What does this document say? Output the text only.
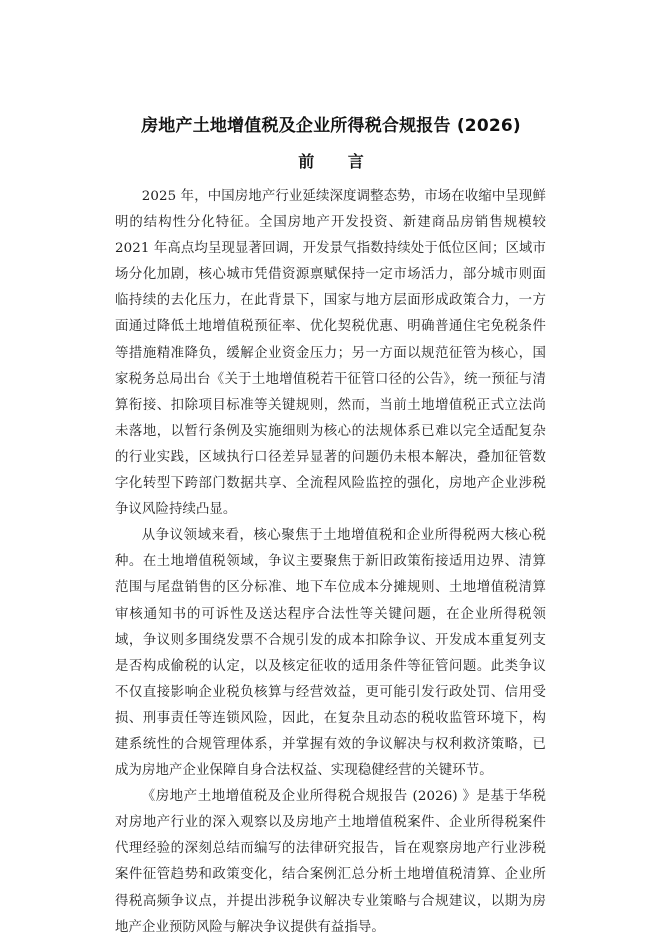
房地产土地增值税及企业所得税合规报告 (2026)
前 言

2025 年，中国房地产行业延续深度调整态势，市场在收缩中呈现鲜明的结构性分化特征。全国房地产开发投资、新建商品房销售规模较 2021 年高点均呈现显著回调，开发景气指数持续处于低位区间；区域市场分化加剧，核心城市凭借资源禀赋保持一定市场活力，部分城市则面临持续的去化压力，在此背景下，国家与地方层面形成政策合力，一方面通过降低土地增值税预征率、优化契税优惠、明确普通住宅免税条件等措施精准降负，缓解企业资金压力；另一方面以规范征管为核心，国家税务总局出台《关于土地增值税若干征管口径的公告》，统一预征与清算衔接、扣除项目标准等关键规则，然而，当前土地增值税正式立法尚未落地，以暂行条例及实施细则为核心的法规体系已难以完全适配复杂的行业实践，区域执行口径差异显著的问题仍未根本解决，叠加征管数字化转型下跨部门数据共享、全流程风险监控的强化，房地产企业涉税争议风险持续凸显。

从争议领域来看，核心聚焦于土地增值税和企业所得税两大核心税种。在土地增值税领域，争议主要聚焦于新旧政策衔接适用边界、清算范围与尾盘销售的区分标准、地下车位成本分摊规则、土地增值税清算审核通知书的可诉性及送达程序合法性等关键问题，在企业所得税领域，争议则多围绕发票不合规引发的成本扣除争议、开发成本重复列支是否构成偷税的认定，以及核定征收的适用条件等征管问题。此类争议不仅直接影响企业税负核算与经营效益，更可能引发行政处罚、信用受损、刑事责任等连锁风险，因此，在复杂且动态的税收监管环境下，构建系统性的合规管理体系，并掌握有效的争议解决与权利救济策略，已成为房地产企业保障自身合法权益、实现稳健经营的关键环节。

《房地产土地增值税及企业所得税合规报告 (2026) 》是基于华税对房地产行业的深入观察以及房地产土地增值税案件、企业所得税案件代理经验的深刻总结而编写的法律研究报告，旨在观察房地产行业涉税案件征管趋势和政策变化，结合案例汇总分析土地增值税清算、企业所得税高频争议点，并提出涉税争议解决专业策略与合规建议，以期为房地产企业预防风险与解决争议提供有益指导。
